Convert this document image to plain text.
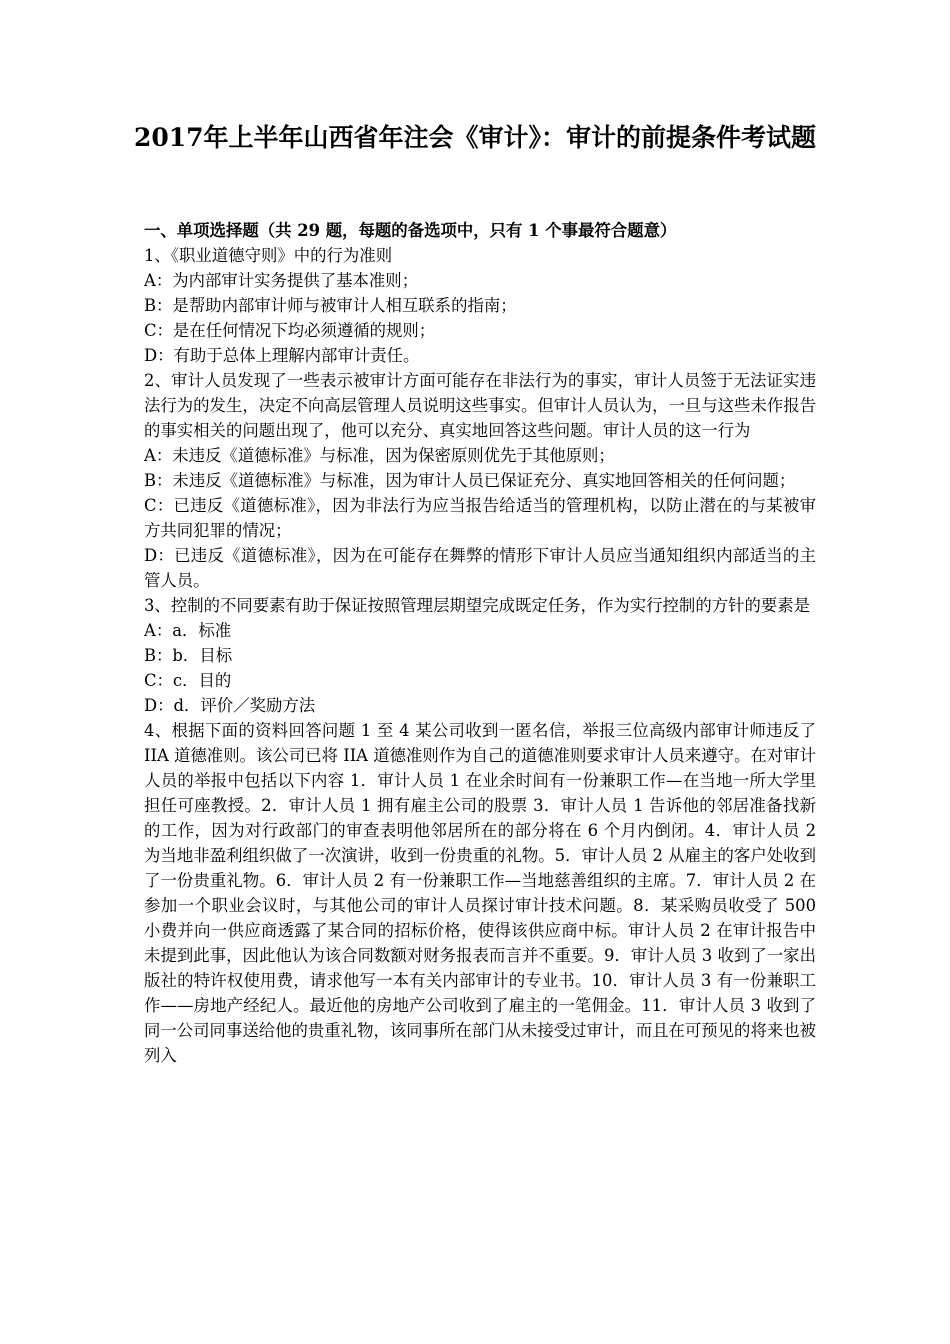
2017年上半年山西省年注会《审计》：审计的前提条件考试题

一、单项选择题（共 29 题，每题的备选项中，只有 1 个事最符合题意）

1、《职业道德守则》中的行为准则

A：为内部审计实务提供了基本准则；

B：是帮助内部审计师与被审计人相互联系的指南；

C：是在任何情况下均必须遵循的规则；

D：有助于总体上理解内部审计责任。

2、审计人员发现了一些表示被审计方面可能存在非法行为的事实，审计人员签于无法证实违法行为的发生，决定不向高层管理人员说明这些事实。但审计人员认为，一旦与这些未作报告的事实相关的问题出现了，他可以充分、真实地回答这些问题。审计人员的这一行为

A：未违反《道德标准》与标准，因为保密原则优先于其他原则；

B：未违反《道德标准》与标准，因为审计人员已保证充分、真实地回答相关的任何问题；

C：已违反《道德标准》，因为非法行为应当报告给适当的管理机构，以防止潜在的与某被审方共同犯罪的情况；

D：已违反《道德标准》，因为在可能存在舞弊的情形下审计人员应当通知组织内部适当的主管人员。

3、控制的不同要素有助于保证按照管理层期望完成既定任务，作为实行控制的方针的要素是

A：a．标准

B：b．目标

C：c．目的

D：d．评价／奖励方法

4、根据下面的资料回答问题 1 至 4 某公司收到一匿名信，举报三位高级内部审计师违反了 IIA 道德准则。该公司已将 IIA 道德准则作为自己的道德准则要求审计人员来遵守。在对审计人员的举报中包括以下内容 1．审计人员 1 在业余时间有一份兼职工作—在当地一所大学里担任可座教授。2．审计人员 1 拥有雇主公司的股票 3．审计人员 1 告诉他的邻居准备找新的工作，因为对行政部门的审查表明他邻居所在的部分将在 6 个月内倒闭。4．审计人员 2 为当地非盈利组织做了一次演讲，收到一份贵重的礼物。5．审计人员 2 从雇主的客户处收到了一份贵重礼物。6．审计人员 2 有一份兼职工作—当地慈善组织的主席。7．审计人员 2 在参加一个职业会议时，与其他公司的审计人员探讨审计技术问题。8．某采购员收受了 500 小费并向一供应商透露了某合同的招标价格，使得该供应商中标。审计人员 2 在审计报告中未提到此事，因此他认为该合同数额对财务报表而言并不重要。9．审计人员 3 收到了一家出版社的特许权使用费，请求他写一本有关内部审计的专业书。10．审计人员 3 有一份兼职工作——房地产经纪人。最近他的房地产公司收到了雇主的一笔佣金。11．审计人员 3 收到了同一公司同事送给他的贵重礼物，该同事所在部门从未接受过审计，而且在可预见的将来也被列入
